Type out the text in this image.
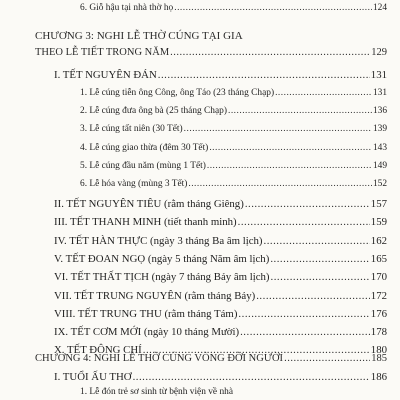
6. Giỗ hậu tại nhà thờ họ .....	124
CHƯƠNG 3: NGHI LỄ THỜ CÚNG TẠI GIA
THEO LỄ TIẾT TRONG NĂM .....	129
I. TẾT NGUYÊN ĐÁN .....	131
1. Lễ cúng tiễn ông Công, ông Táo (23 tháng Chạp) .....	131
2. Lễ cúng đưa ông bà (25 tháng Chạp) .....	136
3. Lễ cúng tất niên (30 Tết) .....	139
4. Lễ cúng giao thừa (đêm 30 Tết) .....	143
5. Lễ cúng đầu năm (mùng 1 Tết) .....	149
6. Lễ hóa vàng (mùng 3 Tết) .....	152
II. TẾT NGUYÊN TIÊU (rằm tháng Giêng) .....	157
III. TẾT THANH MINH (tiết thanh minh) .....	159
IV. TẾT HÀN THỰC (ngày 3 tháng Ba âm lịch) .....	162
V. TẾT ĐOAN NGỌ (ngày 5 tháng Năm âm lịch) .....	165
VI. TẾT THẤT TỊCH (ngày 7 tháng Bảy âm lịch) .....	170
VII. TẾT TRUNG NGUYÊN (rằm tháng Bảy) .....	172
VIII. TẾT TRUNG THU (rằm tháng Tám) .....	176
IX. TẾT CƠM MỚI (ngày 10 tháng Mười) .....	178
X. TẾT ĐÔNG CHÍ .....	180
CHƯƠNG 4: NGHI LỄ THỜ CÚNG VÒNG ĐỜI NGƯỜI .....	185
I. TUỔI ẤU THƠ .....	186
1. Lễ đón trẻ sơ sinh từ bệnh viện về nhà
